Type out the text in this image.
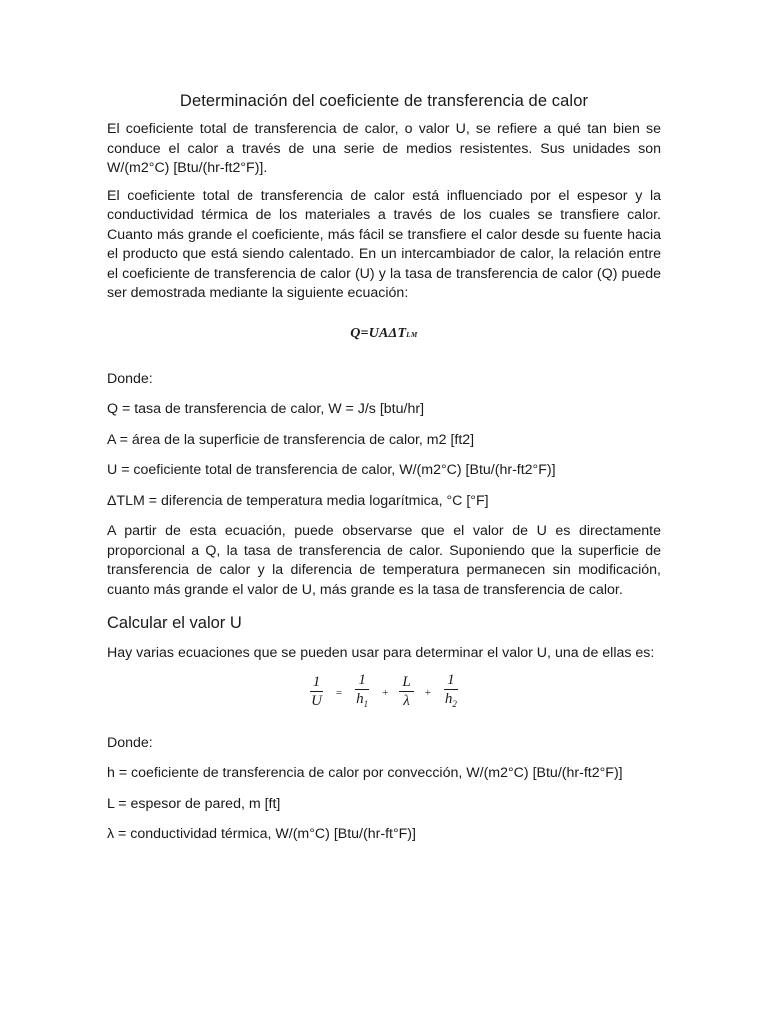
Determinación del coeficiente de transferencia de calor

El coeficiente total de transferencia de calor, o valor U, se refiere a qué tan bien se conduce el calor a través de una serie de medios resistentes. Sus unidades son W/(m2°C) [Btu/(hr-ft2°F)].

El coeficiente total de transferencia de calor está influenciado por el espesor y la conductividad térmica de los materiales a través de los cuales se transfiere calor. Cuanto más grande el coeficiente, más fácil se transfiere el calor desde su fuente hacia el producto que está siendo calentado. En un intercambiador de calor, la relación entre el coeficiente de transferencia de calor (U) y la tasa de transferencia de calor (Q) puede ser demostrada mediante la siguiente ecuación:

Q=UAΔTLM

Donde:

Q = tasa de transferencia de calor, W = J/s [btu/hr]

A = área de la superficie de transferencia de calor, m2 [ft2]

U = coeficiente total de transferencia de calor, W/(m2°C) [Btu/(hr-ft2°F)]

ΔTLM = diferencia de temperatura media logarítmica, °C [°F]

A partir de esta ecuación, puede observarse que el valor de U es directamente proporcional a Q, la tasa de transferencia de calor. Suponiendo que la superficie de transferencia de calor y la diferencia de temperatura permanecen sin modificación, cuanto más grande el valor de U, más grande es la tasa de transferencia de calor.

Calcular el valor U

Hay varias ecuaciones que se pueden usar para determinar el valor U, una de ellas es:

$\frac{1}{U} = \frac{1}{h_1} + \frac{L}{\lambda} + \frac{1}{h_2}$

Donde:

h = coeficiente de transferencia de calor por convección, W/(m2°C) [Btu/(hr-ft2°F)]

L = espesor de pared, m [ft]

λ = conductividad térmica, W/(m°C) [Btu/(hr-ft°F)]
